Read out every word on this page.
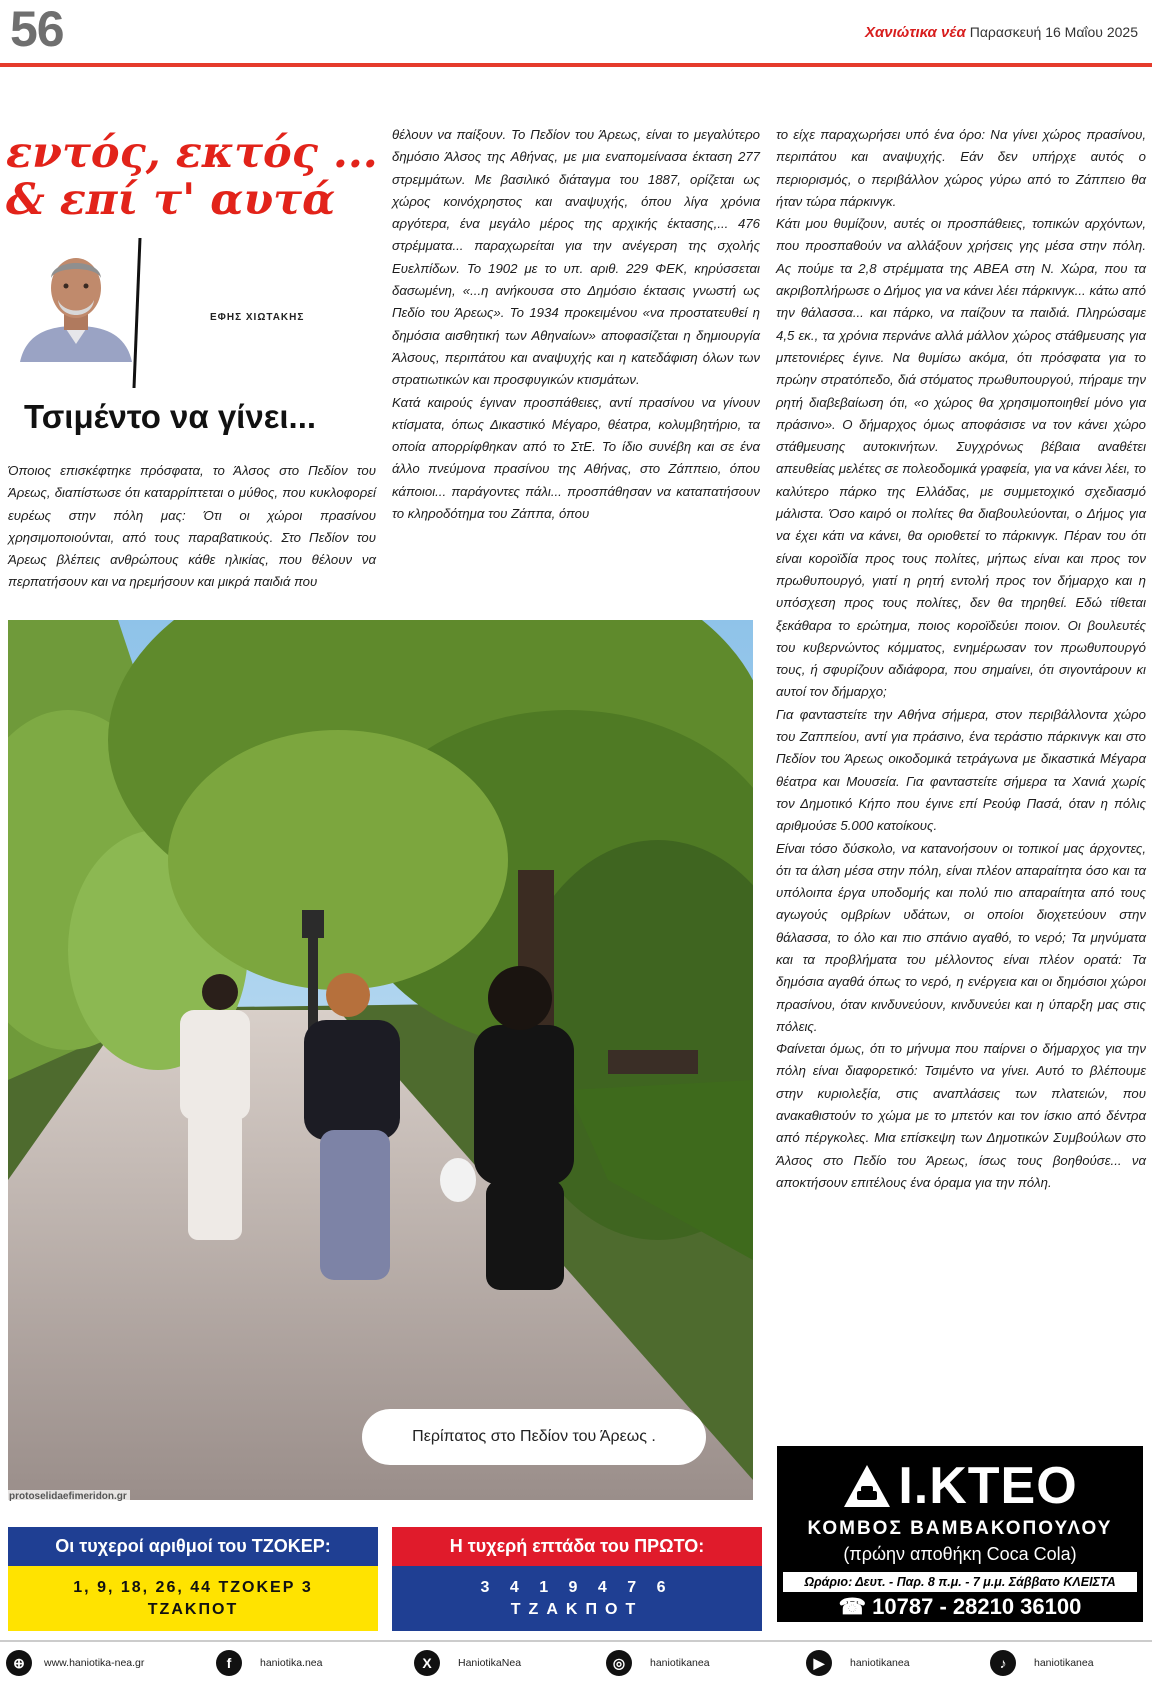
56	Χανιώτικα νέα Παρασκευή 16 Μαΐου 2025
εντός, εκτός ...
& επί τ' αυτά
ΕΦΗΣ ΧΙΩΤΑΚΗΣ
Τσιμέντο να γίνει...

Όποιος επισκέφτηκε πρόσφατα, το Άλσος στο Πεδίον του Άρεως, διαπίστωσε ότι καταρρίπτεται ο μύθος, που κυκλοφορεί ευρέως στην πόλη μας: Ότι οι χώροι πρασίνου χρησιμοποιούνται, από τους παραβατικούς. Στο Πεδίον του Άρεως βλέπεις ανθρώπους κάθε ηλικίας, που θέλουν να περπατήσουν και να ηρεμήσουν και μικρά παιδιά που

θέλουν να παίξουν. Το Πεδίον του Άρεως, είναι το μεγαλύτερο δημόσιο Άλσος της Αθήνας, με μια εναπομείνασα έκταση 277 στρεμμάτων. Με βασιλικό διάταγμα του 1887, ορίζεται ως χώρος κοινόχρηστος και αναψυχής, όπου λίγα χρόνια αργότερα, ένα μεγάλο μέρος της αρχικής έκτασης,... 476 στρέμματα... παραχωρείται για την ανέγερση της σχολής Ευελπίδων. Το 1902 με το υπ. αριθ. 229 ΦΕΚ, κηρύσσεται δασωμένη, «...η ανήκουσα στο Δημόσιο έκτασις γνωστή ως Πεδίο του Άρεως». Το 1934 προκειμένου «να προστατευθεί η δημόσια αισθητική των Αθηναίων» αποφασίζεται η δημιουργία Άλσους, περιπάτου και αναψυχής και η κατεδάφιση όλων των στρατιωτικών και προσφυγικών κτισμάτων.

Κατά καιρούς έγιναν προσπάθειες, αντί πρασίνου να γίνουν κτίσματα, όπως Δικαστικό Μέγαρο, θέατρα, κολυμβητήριο, τα οποία απορρίφθηκαν από το ΣτΕ. Το ίδιο συνέβη και σε ένα άλλο πνεύμονα πρασίνου της Αθήνας, στο Ζάππειο, όπου κάποιοι... παράγοντες πάλι... προσπάθησαν να καταπατήσουν το κληροδότημα του Ζάππα, όπου

το είχε παραχωρήσει υπό ένα όρο: Να γίνει χώρος πρασίνου, περιπάτου και αναψυχής. Εάν δεν υπήρχε αυτός ο περιορισμός, ο περιβάλλον χώρος γύρω από το Ζάππειο θα ήταν τώρα πάρκινγκ.

Κάτι μου θυμίζουν, αυτές οι προσπάθειες, τοπικών αρχόντων, που προσπαθούν να αλλάξουν χρήσεις γης μέσα στην πόλη. Ας πούμε τα 2,8 στρέμματα της ΑΒΕΑ στη Ν. Χώρα, που τα ακριβοπλήρωσε ο Δήμος για να κάνει λέει πάρκινγκ... κάτω από την θάλασσα... και πάρκο, να παίζουν τα παιδιά. Πληρώσαμε 4,5 εκ., τα χρόνια περνάνε αλλά μάλλον χώρος στάθμευσης για μπετονιέρες έγινε. Να θυμίσω ακόμα, ότι πρόσφατα για το πρώην στρατόπεδο, διά στόματος πρωθυπουργού, πήραμε την ρητή διαβεβαίωση ότι, «ο χώρος θα χρησιμοποιηθεί μόνο για πράσινο». Ο δήμαρχος όμως αποφάσισε να τον κάνει χώρο στάθμευσης αυτοκινήτων. Συγχρόνως βέβαια αναθέτει απευθείας μελέτες σε πολεοδομικά γραφεία, για να κάνει λέει, το καλύτερο πάρκο της Ελλάδας, με συμμετοχικό σχεδιασμό μάλιστα. Όσο καιρό οι πολίτες θα διαβουλεύονται, ο Δήμος για να έχει κάτι να κάνει, θα οριοθετεί το πάρκινγκ. Πέραν του ότι είναι κοροϊδία προς τους πολίτες, μήπως είναι και προς τον πρωθυπουργό, γιατί η ρητή εντολή προς τον δήμαρχο και η υπόσχεση προς τους πολίτες, δεν θα τηρηθεί. Εδώ τίθεται ξεκάθαρα το ερώτημα, ποιος κοροϊδεύει ποιον. Οι βουλευτές του κυβερνώντος κόμματος, ενημέρωσαν τον πρωθυπουργό τους, ή σφυρίζουν αδιάφορα, που σημαίνει, ότι σιγοντάρουν κι αυτοί τον δήμαρχο;

Για φανταστείτε την Αθήνα σήμερα, στον περιβάλλοντα χώρο του Ζαππείου, αντί για πράσινο, ένα τεράστιο πάρκινγκ και στο Πεδίον του Άρεως οικοδομικά τετράγωνα με δικαστικά Μέγαρα θέατρα και Μουσεία. Για φανταστείτε σήμερα τα Χανιά χωρίς τον Δημοτικό Κήπο που έγινε επί Ρεούφ Πασά, όταν η πόλις αριθμούσε 5.000 κατοίκους.

Είναι τόσο δύσκολο, να κατανοήσουν οι τοπικοί μας άρχοντες, ότι τα άλση μέσα στην πόλη, είναι πλέον απαραίτητα όσο και τα υπόλοιπα έργα υποδομής και πολύ πιο απαραίτητα από τους αγωγούς ομβρίων υδάτων, οι οποίοι διοχετεύουν στην θάλασσα, το όλο και πιο σπάνιο αγαθό, το νερό; Τα μηνύματα και τα προβλήματα του μέλλοντος είναι πλέον ορατά: Τα δημόσια αγαθά όπως το νερό, η ενέργεια και οι δημόσιοι χώροι πρασίνου, όταν κινδυνεύουν, κινδυνεύει και η ύπαρξη μας στις πόλεις.

Φαίνεται όμως, ότι το μήνυμα που παίρνει ο δήμαρχος για την πόλη είναι διαφορετικό: Τσιμέντο να γίνει. Αυτό το βλέπουμε στην κυριολεξία, στις αναπλάσεις των πλατειών, που ανακαθιστούν το χώμα με το μπετόν και τον ίσκιο από δέντρα από πέργκολες. Μια επίσκεψη των Δημοτικών Συμβούλων στο Άλσος στο Πεδίο του Άρεως, ίσως τους βοηθούσε... να αποκτήσουν επιτέλους ένα όραμα για την πόλη.

Περίπατος στο Πεδίον του Άρεως .
protoselidaefimeridon.gr
Οι τυχεροί αριθμοί του ΤΖΟΚΕΡ:
1, 9, 18, 26, 44 ΤΖΟΚΕΡ 3
ΤΖΑΚΠΟΤ
Η τυχερή επτάδα του ΠΡΩΤΟ:
3 4 1 9 4 7 6
ΤΖΑΚΠΟΤ
Ι.ΚΤΕΟ
ΚΟΜΒΟΣ ΒΑΜΒΑΚΟΠΟΥΛΟΥ
(πρώην αποθήκη Coca Cola)
Ωράριο: Δευτ. - Παρ. 8 π.μ. - 7 μ.μ. Σάββατο ΚΛΕΙΣΤΑ
☎ 10787 - 28210 36100
⊕	www.haniotika-nea.gr	f	haniotika.nea	X	HaniotikaNea	◎	haniotikanea	▶	haniotikanea	♪	haniotikanea
